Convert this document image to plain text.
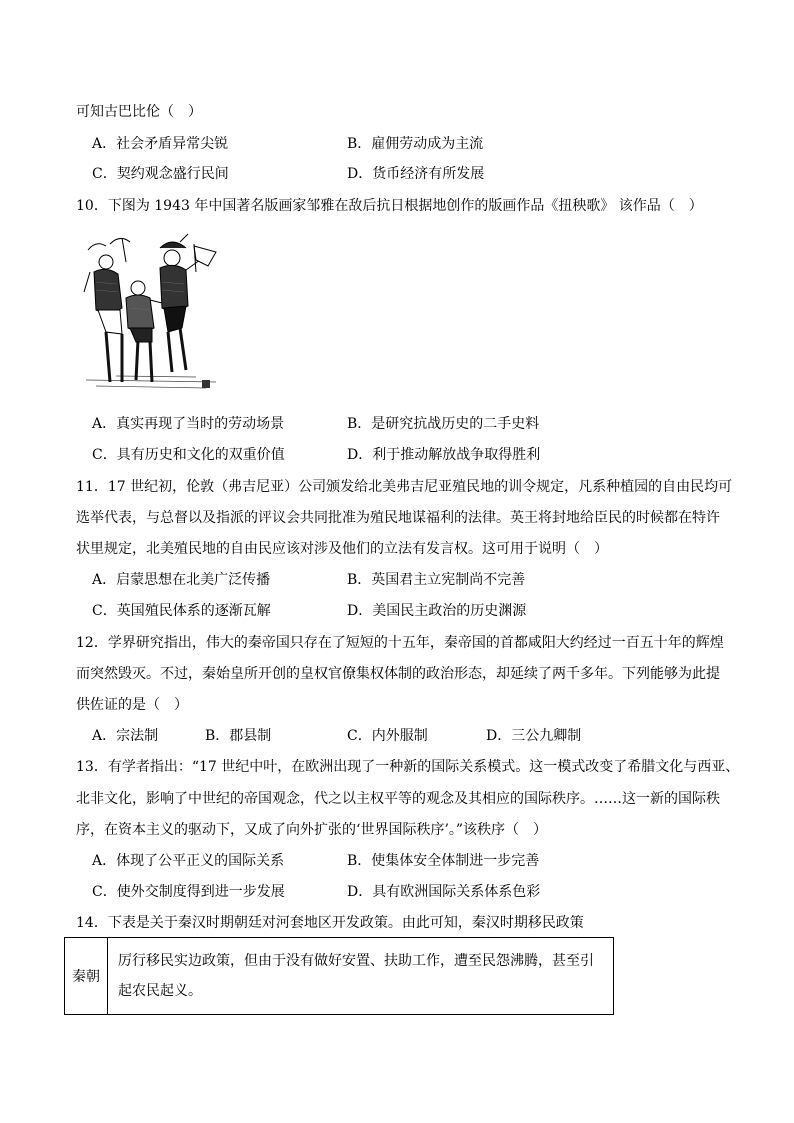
可知古巴比伦（　）
A．社会矛盾异常尖锐	B．雇佣劳动成为主流
C．契约观念盛行民间	D．货币经济有所发展
10．下图为 1943 年中国著名版画家邹雅在敌后抗日根据地创作的版画作品《扭秧歌》 该作品（　）
A．真实再现了当时的劳动场景	B．是研究抗战历史的二手史料
C．具有历史和文化的双重价值	D．利于推动解放战争取得胜利
11．17 世纪初，伦敦（弗吉尼亚）公司颁发给北美弗吉尼亚殖民地的训令规定，凡系种植园的自由民均可
选举代表，与总督以及指派的评议会共同批准为殖民地谋福利的法律。英王将封地给臣民的时候都在特许
状里规定，北美殖民地的自由民应该对涉及他们的立法有发言权。这可用于说明（　）
A．启蒙思想在北美广泛传播	B．英国君主立宪制尚不完善
C．英国殖民体系的逐渐瓦解	D．美国民主政治的历史渊源
12．学界研究指出，伟大的秦帝国只存在了短短的十五年，秦帝国的首都咸阳大约经过一百五十年的辉煌
而突然毁灭。不过，秦始皇所开创的皇权官僚集权体制的政治形态，却延续了两千多年。下列能够为此提
供佐证的是（　）
A．宗法制	B．郡县制	C．内外服制	D．三公九卿制
13．有学者指出：“17 世纪中叶，在欧洲出现了一种新的国际关系模式。这一模式改变了希腊文化与西亚、
北非文化，影响了中世纪的帝国观念，代之以主权平等的观念及其相应的国际秩序。……这一新的国际秩
序，在资本主义的驱动下，又成了向外扩张的‘世界国际秩序’。”该秩序（　）
A．体现了公平正义的国际关系	B．使集体安全体制进一步完善
C．使外交制度得到进一步发展	D．具有欧洲国际关系体系色彩
14．下表是关于秦汉时期朝廷对河套地区开发政策。由此可知，秦汉时期移民政策
秦朝	厉行移民实边政策，但由于没有做好安置、扶助工作，遭至民怨沸腾，甚至引起农民起义。
